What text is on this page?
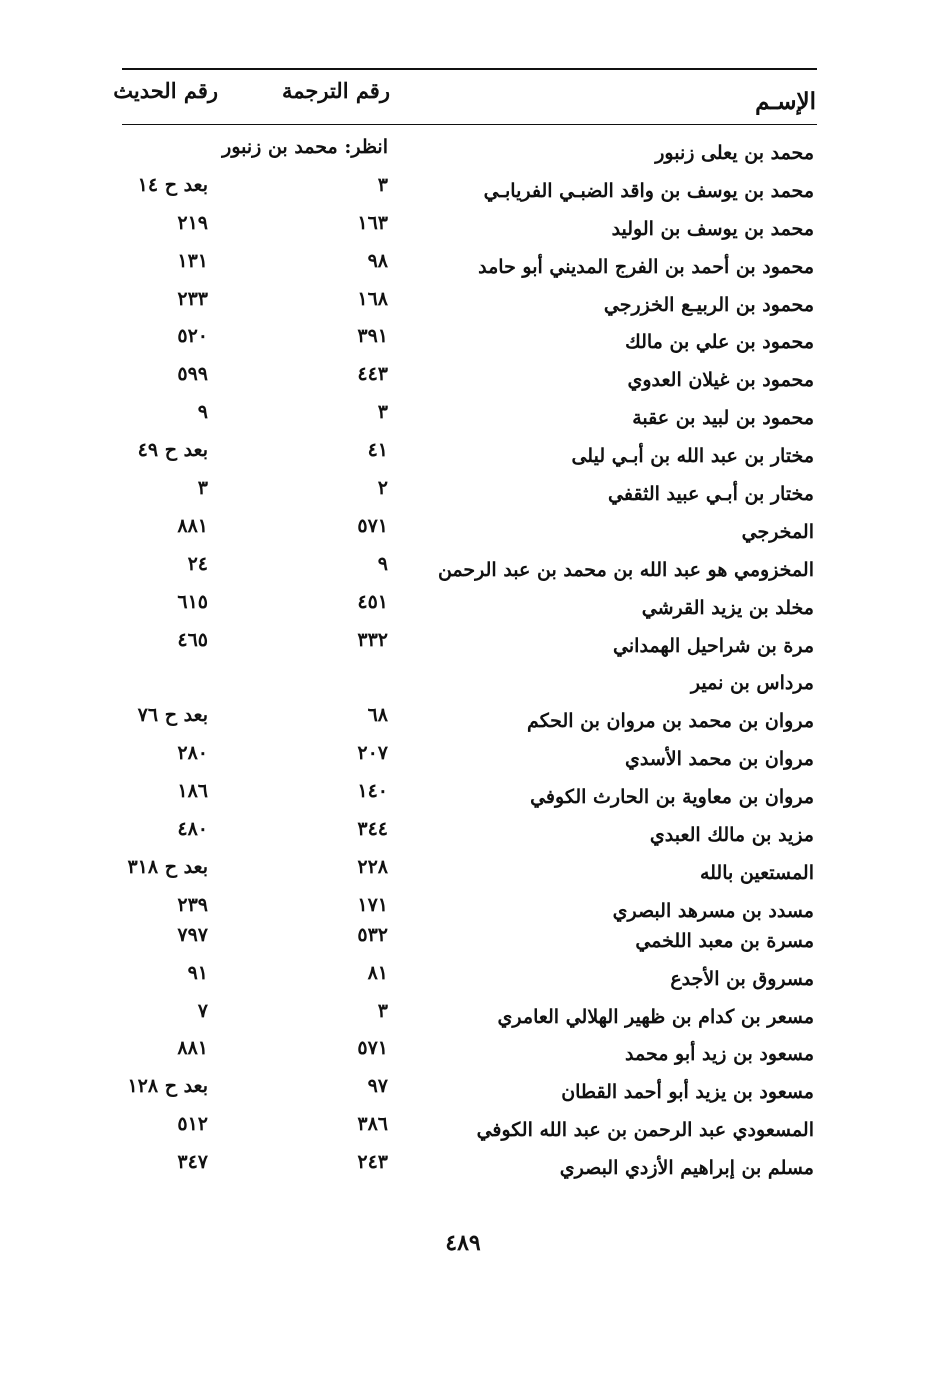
الإسـم
رقم الترجمة
رقم الحديث
محمد بن يعلى زنبور
انظر: محمد بن زنبور
محمد بن يوسف بن واقد الضبـي الفريابـي
٣
بعد ح ١٤
محمد بن يوسف بن الوليد
١٦٣
٢١٩
محمود بن أحمد بن الفرج المديني أبو حامد
٩٨
١٣١
محمود بن الربيـع الخزرجي
١٦٨
٢٣٣
محمود بن علي بن مالك
٣٩١
٥٢٠
محمود بن غيلان العدوي
٤٤٣
٥٩٩
محمود بن لبيد بن عقبة
٣
٩
مختار بن عبد الله بن أبـي ليلى
٤١
بعد ح ٤٩
مختار بن أبـي عبيد الثقفي
٢
٣
المخرجي
٥٧١
٨٨١
المخزومي هو عبد الله بن محمد بن عبد الرحمن
٩
٢٤
مخلد بن يزيد القرشي
٤٥١
٦١٥
مرة بن شراحيل الهمداني
٣٣٢
٤٦٥
مرداس بن نمير
مروان بن محمد بن مروان بن الحكم
٦٨
بعد ح ٧٦
مروان بن محمد الأسدي
٢٠٧
٢٨٠
مروان بن معاوية بن الحارث الكوفي
١٤٠
١٨٦
مزيد بن مالك العبدي
٣٤٤
٤٨٠
المستعين بالله
٢٢٨
بعد ح ٣١٨
مسدد بن مسرهد البصري
١٧١
٢٣٩
مسرة بن معبد اللخمي
٥٣٢
٧٩٧
مسروق بن الأجدع
٨١
٩١
مسعر بن كدام بن ظهير الهلالي العامري
٣
٧
مسعود بن زيد أبو محمد
٥٧١
٨٨١
مسعود بن يزيد أبو أحمد القطان
٩٧
بعد ح ١٢٨
المسعودي عبد الرحمن بن عبد الله الكوفي
٣٨٦
٥١٢
مسلم بن إبراهيم الأزدي البصري
٢٤٣
٣٤٧
٤٨٩
